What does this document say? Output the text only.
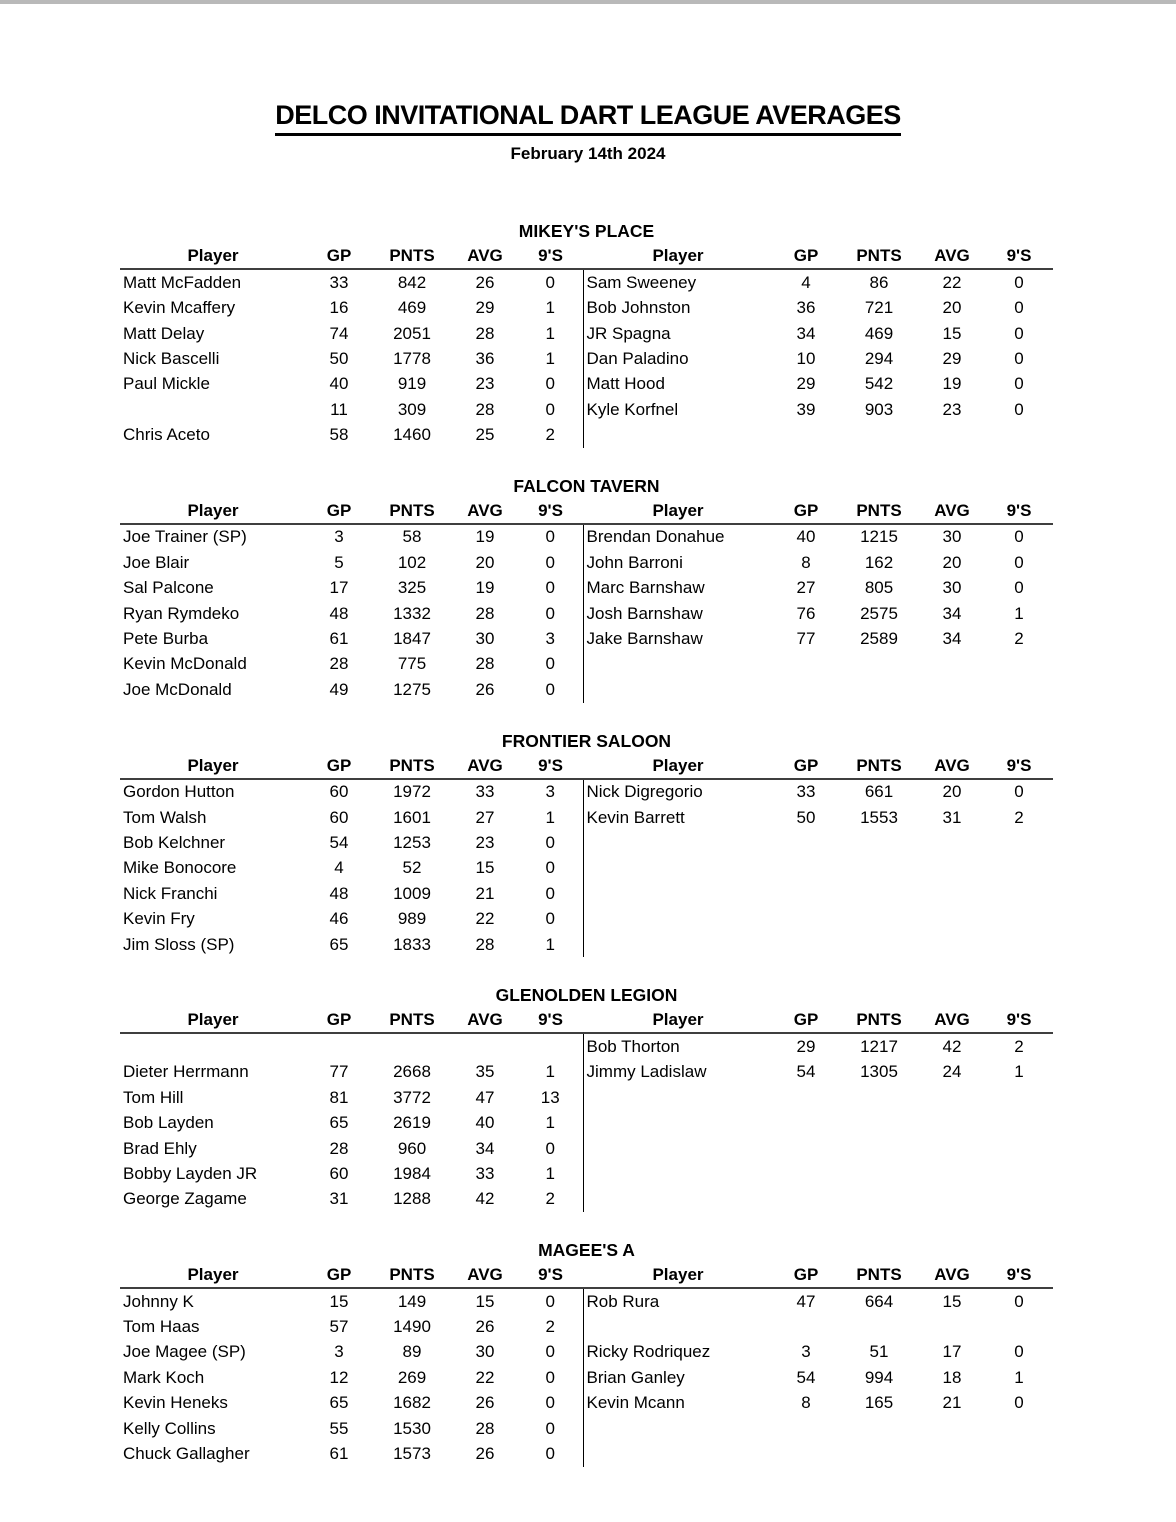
DELCO INVITATIONAL DART LEAGUE AVERAGES
February 14th 2024
MIKEY'S PLACE
Player	GP	PNTS	AVG	9'S	Player	GP	PNTS	AVG	9'S
Matt McFadden	33	842	26	0	Sam Sweeney	4	86	22	0
Kevin Mcaffery	16	469	29	1	Bob Johnston	36	721	20	0
Matt Delay	74	2051	28	1	JR Spagna	34	469	15	0
Nick Bascelli	50	1778	36	1	Dan Paladino	10	294	29	0
Paul Mickle	40	919	23	0	Matt Hood	29	542	19	0
	11	309	28	0	Kyle Korfnel	39	903	23	0
Chris Aceto	58	1460	25	2					
FALCON TAVERN
Player	GP	PNTS	AVG	9'S	Player	GP	PNTS	AVG	9'S
Joe Trainer (SP)	3	58	19	0	Brendan Donahue	40	1215	30	0
Joe Blair	5	102	20	0	John Barroni	8	162	20	0
Sal Palcone	17	325	19	0	Marc Barnshaw	27	805	30	0
Ryan Rymdeko	48	1332	28	0	Josh Barnshaw	76	2575	34	1
Pete Burba	61	1847	30	3	Jake Barnshaw	77	2589	34	2
Kevin McDonald	28	775	28	0					
Joe McDonald	49	1275	26	0					
FRONTIER SALOON
Player	GP	PNTS	AVG	9'S	Player	GP	PNTS	AVG	9'S
Gordon Hutton	60	1972	33	3	Nick Digregorio	33	661	20	0
Tom Walsh	60	1601	27	1	Kevin Barrett	50	1553	31	2
Bob Kelchner	54	1253	23	0					
Mike Bonocore	4	52	15	0					
Nick Franchi	48	1009	21	0					
Kevin Fry	46	989	22	0					
Jim Sloss (SP)	65	1833	28	1					
GLENOLDEN LEGION
Player	GP	PNTS	AVG	9'S	Player	GP	PNTS	AVG	9'S
					Bob Thorton	29	1217	42	2
Dieter Herrmann	77	2668	35	1	Jimmy Ladislaw	54	1305	24	1
Tom Hill	81	3772	47	13					
Bob Layden	65	2619	40	1					
Brad Ehly	28	960	34	0					
Bobby Layden JR	60	1984	33	1					
George Zagame	31	1288	42	2					
MAGEE'S A
Player	GP	PNTS	AVG	9'S	Player	GP	PNTS	AVG	9'S
Johnny K	15	149	15	0	Rob Rura	47	664	15	0
Tom Haas	57	1490	26	2					
Joe Magee (SP)	3	89	30	0	Ricky Rodriquez	3	51	17	0
Mark Koch	12	269	22	0	Brian Ganley	54	994	18	1
Kevin Heneks	65	1682	26	0	Kevin Mcann	8	165	21	0
Kelly Collins	55	1530	28	0					
Chuck Gallagher	61	1573	26	0					
